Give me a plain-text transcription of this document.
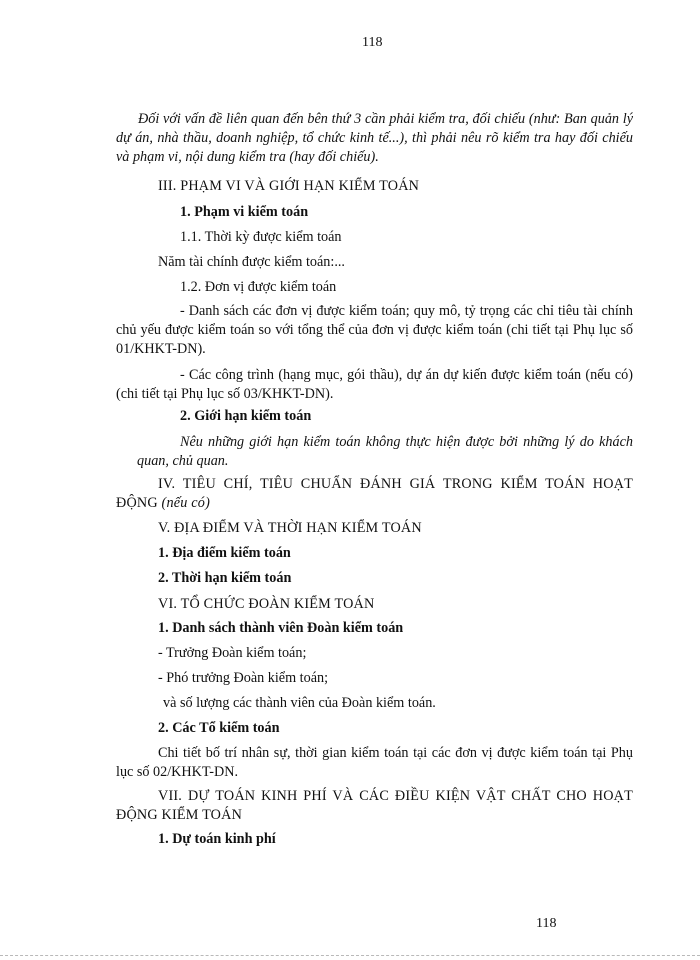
118
Đối với vấn đề liên quan đến bên thứ 3 cần phải kiểm tra, đối chiếu (như: Ban quản lý dự án, nhà thầu, doanh nghiệp, tổ chức kinh tế...), thì phải nêu rõ kiểm tra hay đối chiếu và phạm vi, nội dung kiểm tra (hay đối chiếu).
III. PHẠM VI VÀ GIỚI HẠN KIỂM TOÁN
1. Phạm vi kiểm toán
1.1. Thời kỳ được kiểm toán
Năm tài chính được kiểm toán:...
1.2. Đơn vị được kiểm toán
- Danh sách các đơn vị được kiểm toán; quy mô, tỷ trọng các chỉ tiêu tài chính chủ yếu được kiểm toán so với tổng thể của đơn vị được kiểm toán (chi tiết tại Phụ lục số 01/KHKT-DN).
- Các công trình (hạng mục, gói thầu), dự án dự kiến được kiểm toán (nếu có) (chi tiết tại Phụ lục số 03/KHKT-DN).
2. Giới hạn kiểm toán
Nêu những giới hạn kiểm toán không thực hiện được bởi những lý do khách quan, chủ quan.
IV. TIÊU CHÍ, TIÊU CHUẨN ĐÁNH GIÁ TRONG KIỂM TOÁN HOẠT ĐỘNG (nếu có)
V. ĐỊA ĐIỂM VÀ THỜI HẠN KIỂM TOÁN
1. Địa điểm kiểm toán
2. Thời hạn kiểm toán
VI. TỔ CHỨC ĐOÀN KIỂM TOÁN
1. Danh sách thành viên Đoàn kiểm toán
- Trưởng Đoàn kiểm toán;
- Phó trưởng Đoàn kiểm toán;
và số lượng các thành viên của Đoàn kiểm toán.
2. Các Tổ kiểm toán
Chi tiết bố trí nhân sự, thời gian kiểm toán tại các đơn vị được kiểm toán tại Phụ lục số 02/KHKT-DN.
VII. DỰ TOÁN KINH PHÍ VÀ CÁC ĐIỀU KIỆN VẬT CHẤT CHO HOẠT ĐỘNG KIỂM TOÁN
1. Dự toán kinh phí
118
